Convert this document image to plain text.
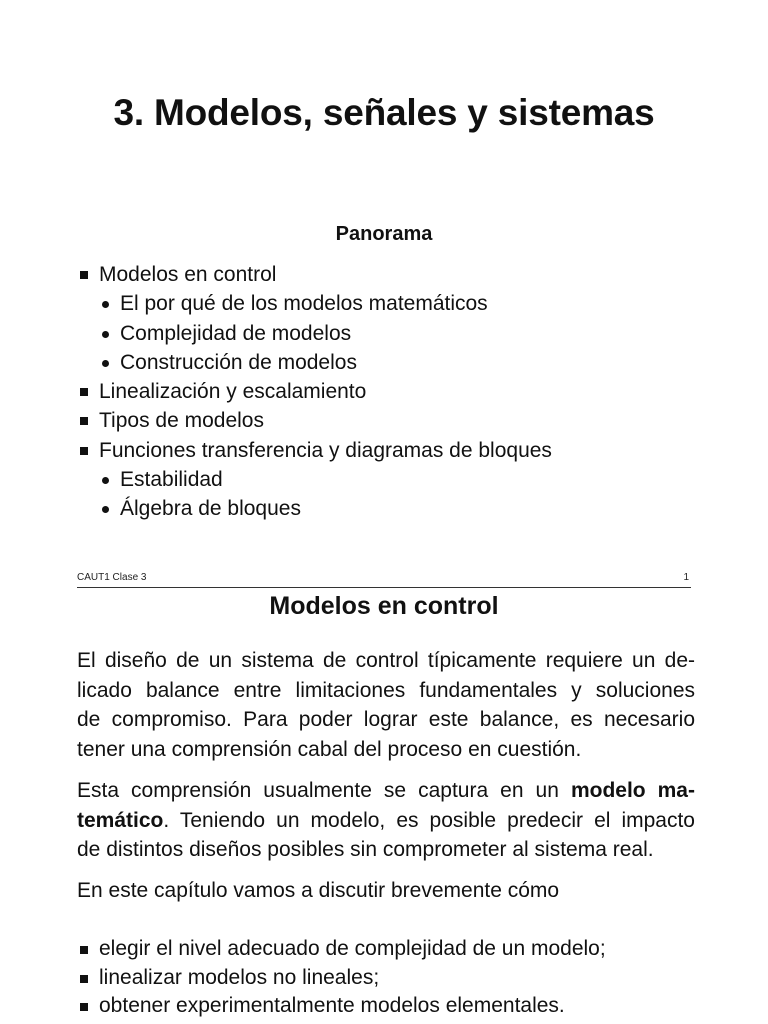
3. Modelos, señales y sistemas
Panorama
Modelos en control
El por qué de los modelos matemáticos
Complejidad de modelos
Construcción de modelos
Linealización y escalamiento
Tipos de modelos
Funciones transferencia y diagramas de bloques
Estabilidad
Álgebra de bloques
CAUT1 Clase 3	1
Modelos en control

El diseño de un sistema de control típicamente requiere un de-
licado balance entre limitaciones fundamentales y soluciones
de compromiso. Para poder lograr este balance, es necesario
tener una comprensión cabal del proceso en cuestión.

Esta comprensión usualmente se captura en un modelo ma-
temático. Teniendo un modelo, es posible predecir el impacto
de distintos diseños posibles sin comprometer al sistema real.

En este capítulo vamos a discutir brevemente cómo

elegir el nivel adecuado de complejidad de un modelo;
linealizar modelos no lineales;
obtener experimentalmente modelos elementales.
